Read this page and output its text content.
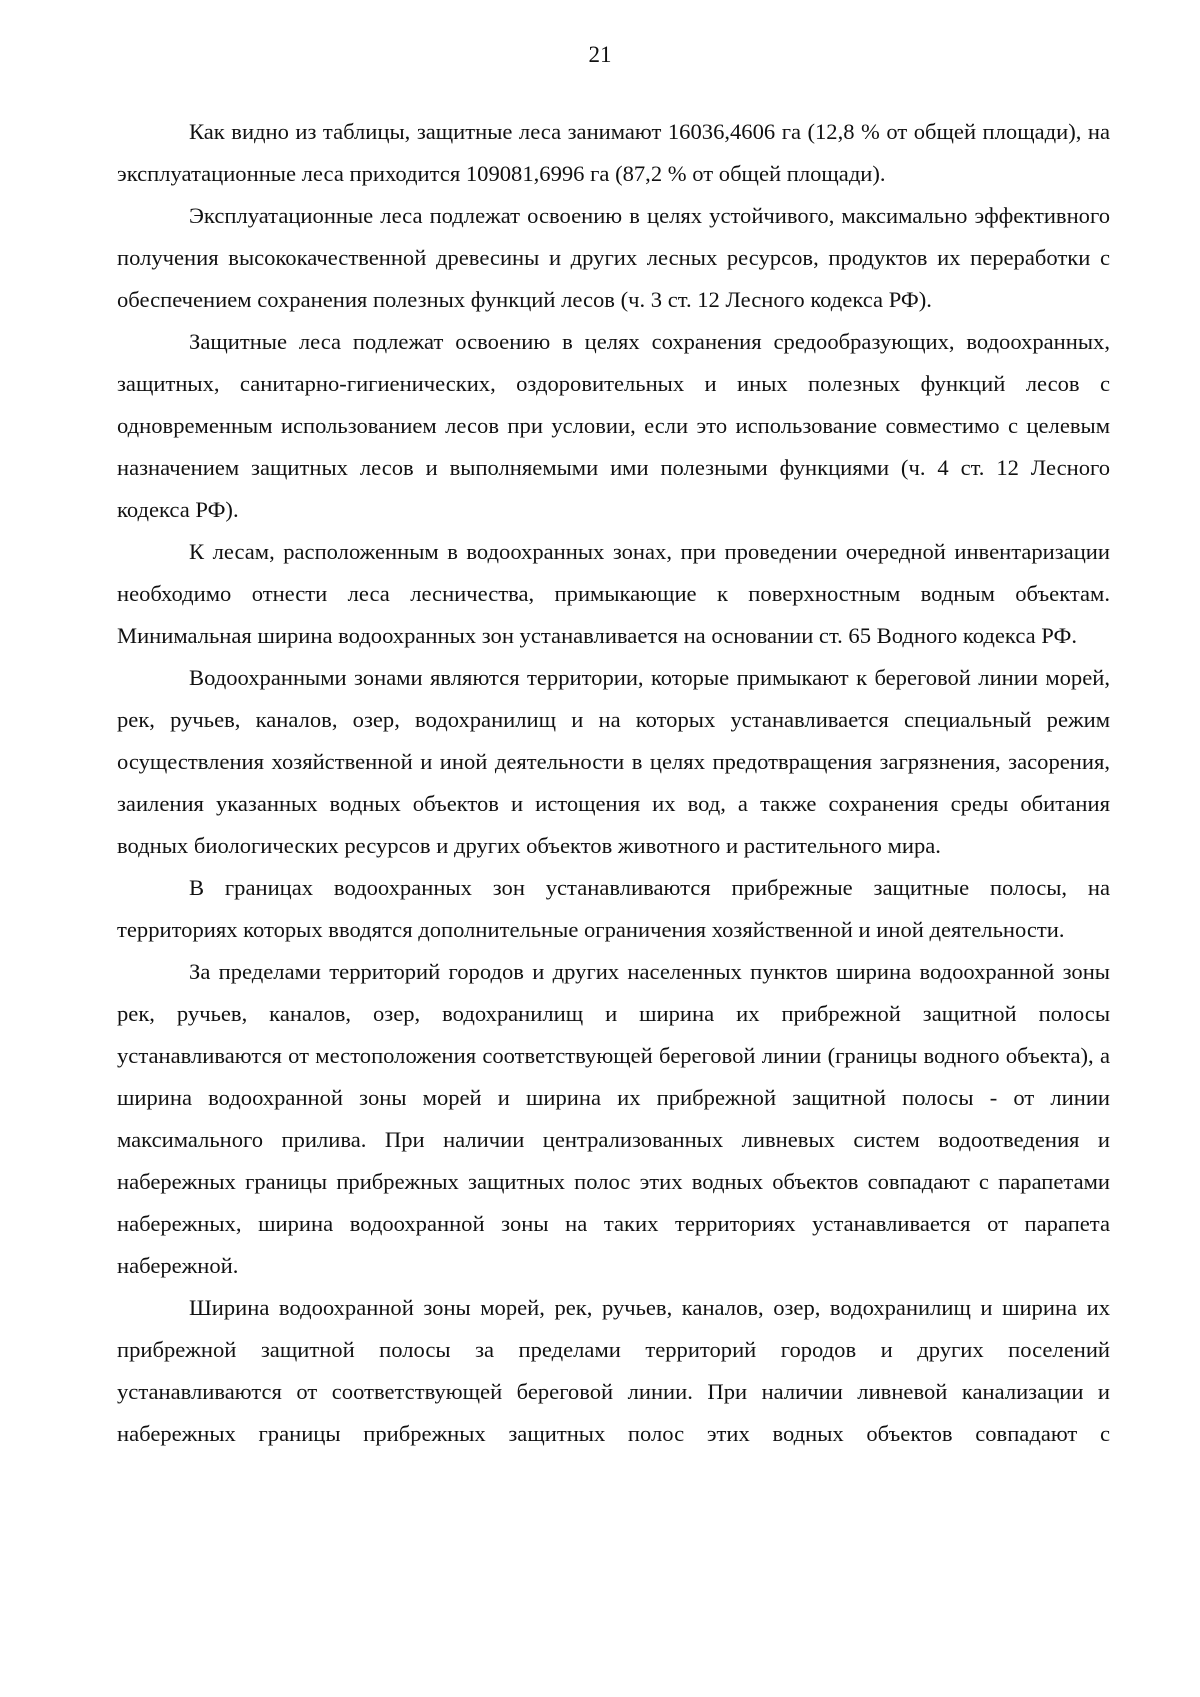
21

Как видно из таблицы, защитные леса занимают 16036,4606 га (12,8 % от общей площади), на эксплуатационные леса приходится 109081,6996 га (87,2 % от общей площади).

Эксплуатационные леса подлежат освоению в целях устойчивого, максимально эффективного получения высококачественной древесины и других лесных ресурсов, продуктов их переработки с обеспечением сохранения полезных функций лесов (ч. 3 ст. 12 Лесного кодекса РФ).

Защитные леса подлежат освоению в целях сохранения средообразующих, водоохранных, защитных, санитарно-гигиенических, оздоровительных и иных полезных функций лесов с одновременным использованием лесов при условии, если это использование совместимо с целевым назначением защитных лесов и выполняемыми ими полезными функциями (ч. 4 ст. 12 Лесного кодекса РФ).

К лесам, расположенным в водоохранных зонах, при проведении очередной инвентаризации необходимо отнести леса лесничества, примыкающие к поверхностным водным объектам. Минимальная ширина водоохранных зон устанавливается на основании ст. 65 Водного кодекса РФ.

Водоохранными зонами являются территории, которые примыкают к береговой линии морей, рек, ручьев, каналов, озер, водохранилищ и на которых устанавливается специальный режим осуществления хозяйственной и иной деятельности в целях предотвращения загрязнения, засорения, заиления указанных водных объектов и истощения их вод, а также сохранения среды обитания водных биологических ресурсов и других объектов животного и растительного мира.

В границах водоохранных зон устанавливаются прибрежные защитные полосы, на территориях которых вводятся дополнительные ограничения хозяйственной и иной деятельности.

За пределами территорий городов и других населенных пунктов ширина водоохранной зоны рек, ручьев, каналов, озер, водохранилищ и ширина их прибрежной защитной полосы устанавливаются от местоположения соответствующей береговой линии (границы водного объекта), а ширина водоохранной зоны морей и ширина их прибрежной защитной полосы - от линии максимального прилива. При наличии централизованных ливневых систем водоотведения и набережных границы прибрежных защитных полос этих водных объектов совпадают с парапетами набережных, ширина водоохранной зоны на таких территориях устанавливается от парапета набережной.

Ширина водоохранной зоны морей, рек, ручьев, каналов, озер, водохранилищ и ширина их прибрежной защитной полосы за пределами территорий городов и других поселений устанавливаются от соответствующей береговой линии. При наличии ливневой канализации и набережных границы прибрежных защитных полос этих водных объектов совпадают с
